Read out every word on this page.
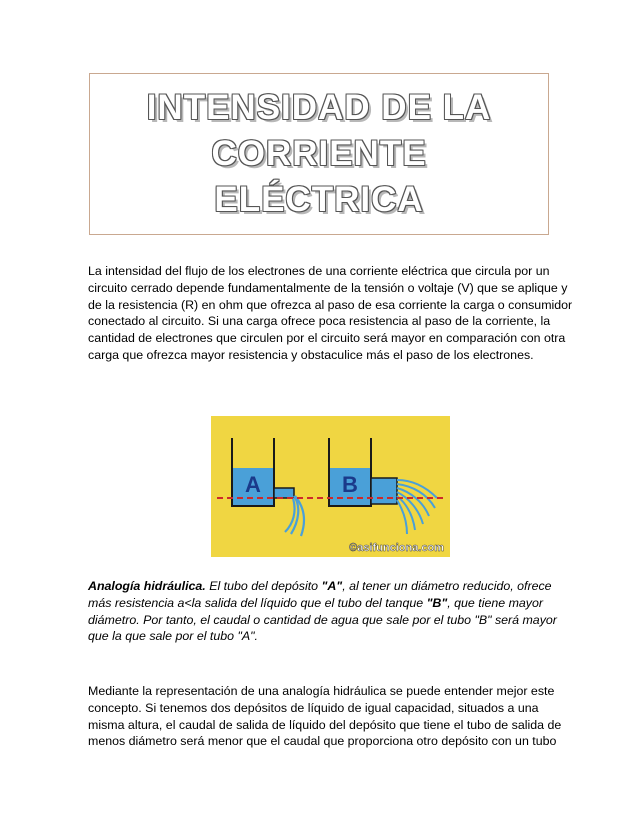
INTENSIDAD DE LA
CORRIENTE
ELÉCTRICA

La intensidad del flujo de los electrones de una corriente eléctrica que circula por un circuito cerrado depende fundamentalmente de la tensión o voltaje (V) que se aplique y de la resistencia (R) en ohm que ofrezca al paso de esa corriente la carga o consumidor conectado al circuito. Si una carga ofrece poca resistencia al paso de la corriente, la cantidad de electrones que circulen por el circuito será mayor en comparación con otra carga que ofrezca mayor resistencia y obstaculice más el paso de los electrones.

A	B
©asifunciona.com

Analogía hidráulica. El tubo del depósito "A", al tener un diámetro reducido, ofrece más resistencia a<la salida del líquido que el tubo del tanque "B", que tiene mayor diámetro. Por tanto, el caudal o cantidad de agua que sale por el tubo "B" será mayor que la que sale por el tubo "A".

Mediante la representación de una analogía hidráulica se puede entender mejor este concepto. Si tenemos dos depósitos de líquido de igual capacidad, situados a una misma altura, el caudal de salida de líquido del depósito que tiene el tubo de salida de menos diámetro será menor que el caudal que proporciona otro depósito con un tubo
